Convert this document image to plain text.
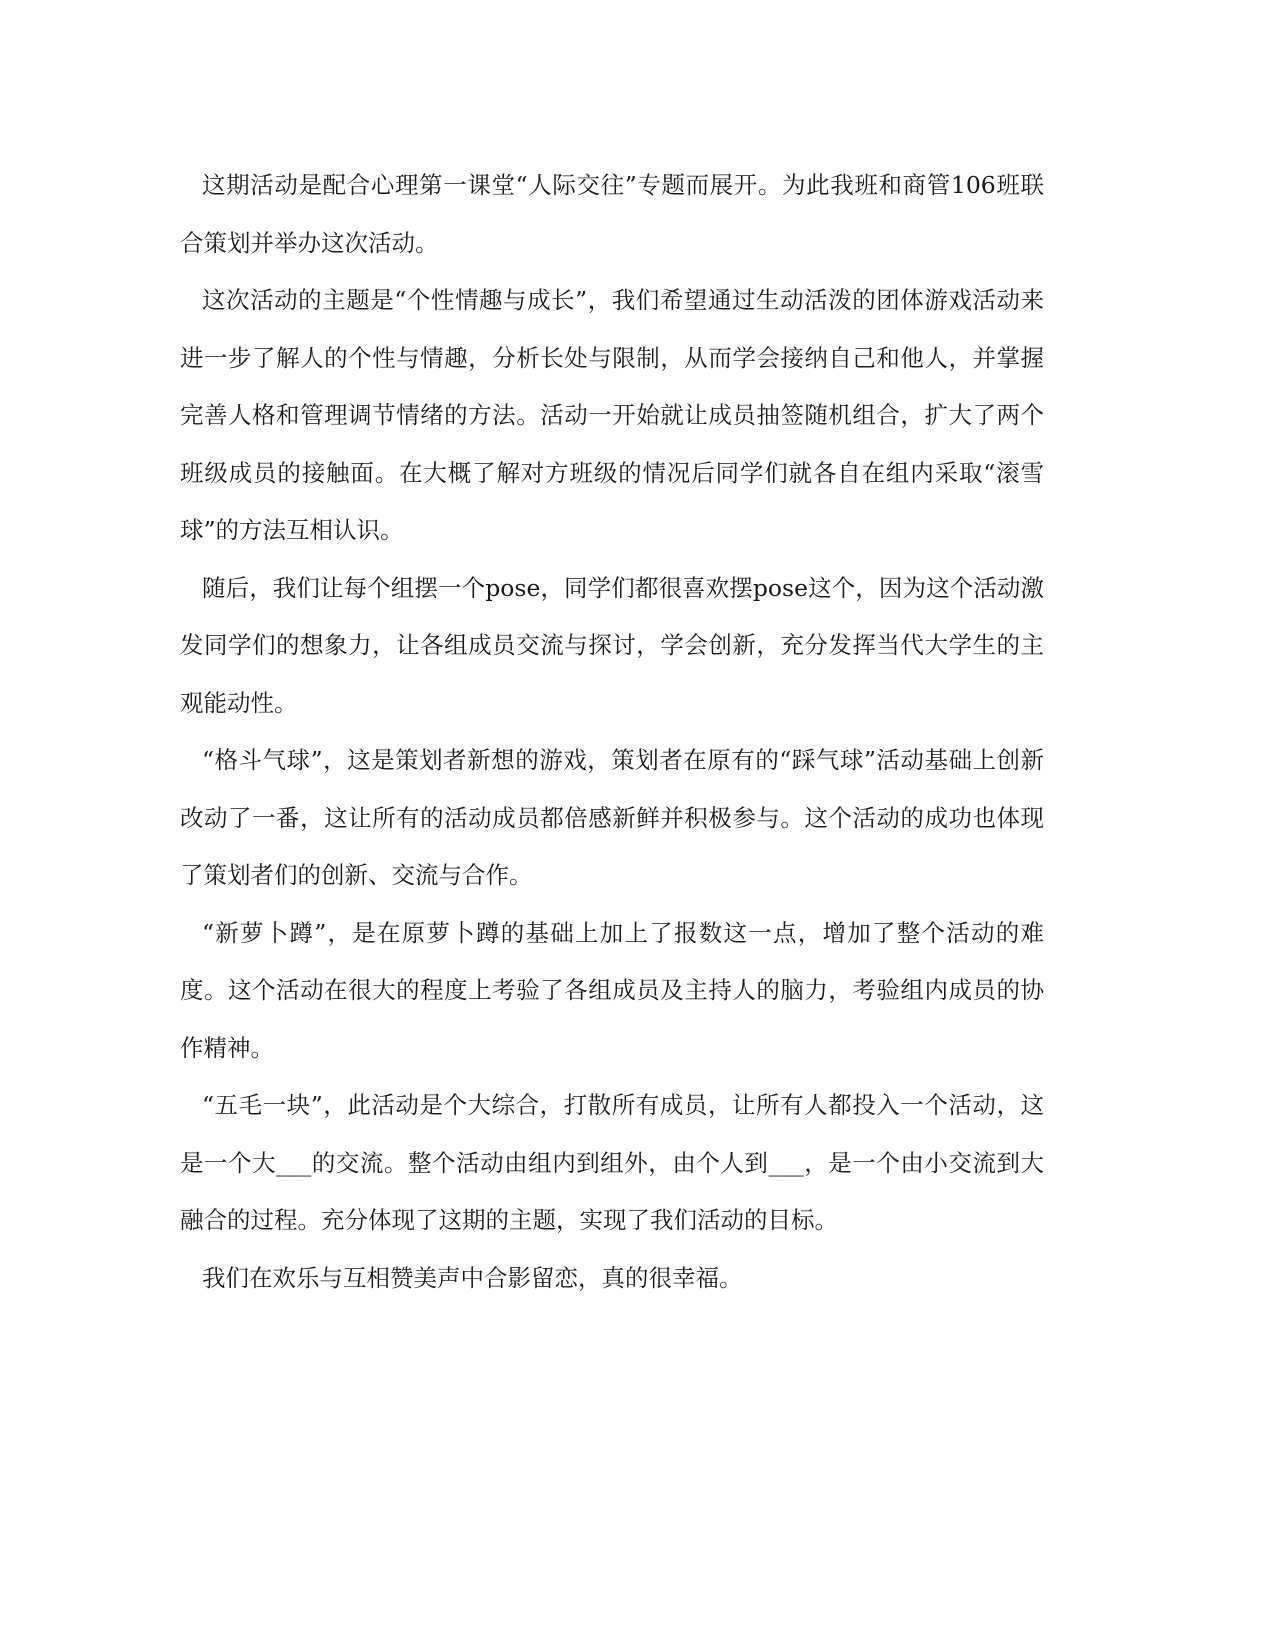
这期活动是配合心理第一课堂“人际交往”专题而展开。为此我班和商管106班联合策划并举办这次活动。

这次活动的主题是“个性情趣与成长”，我们希望通过生动活泼的团体游戏活动来进一步了解人的个性与情趣，分析长处与限制，从而学会接纳自己和他人，并掌握完善人格和管理调节情绪的方法。活动一开始就让成员抽签随机组合，扩大了两个班级成员的接触面。在大概了解对方班级的情况后同学们就各自在组内采取“滚雪球”的方法互相认识。

随后，我们让每个组摆一个pose，同学们都很喜欢摆pose这个，因为这个活动激发同学们的想象力，让各组成员交流与探讨，学会创新，充分发挥当代大学生的主观能动性。

“格斗气球”，这是策划者新想的游戏，策划者在原有的“踩气球”活动基础上创新改动了一番，这让所有的活动成员都倍感新鲜并积极参与。这个活动的成功也体现了策划者们的创新、交流与合作。

“新萝卜蹲”，是在原萝卜蹲的基础上加上了报数这一点，增加了整个活动的难度。这个活动在很大的程度上考验了各组成员及主持人的脑力，考验组内成员的协作精神。

“五毛一块”，此活动是个大综合，打散所有成员，让所有人都投入一个活动，这是一个大___的交流。整个活动由组内到组外，由个人到___，是一个由小交流到大融合的过程。充分体现了这期的主题，实现了我们活动的目标。

我们在欢乐与互相赞美声中合影留恋，真的很幸福。
